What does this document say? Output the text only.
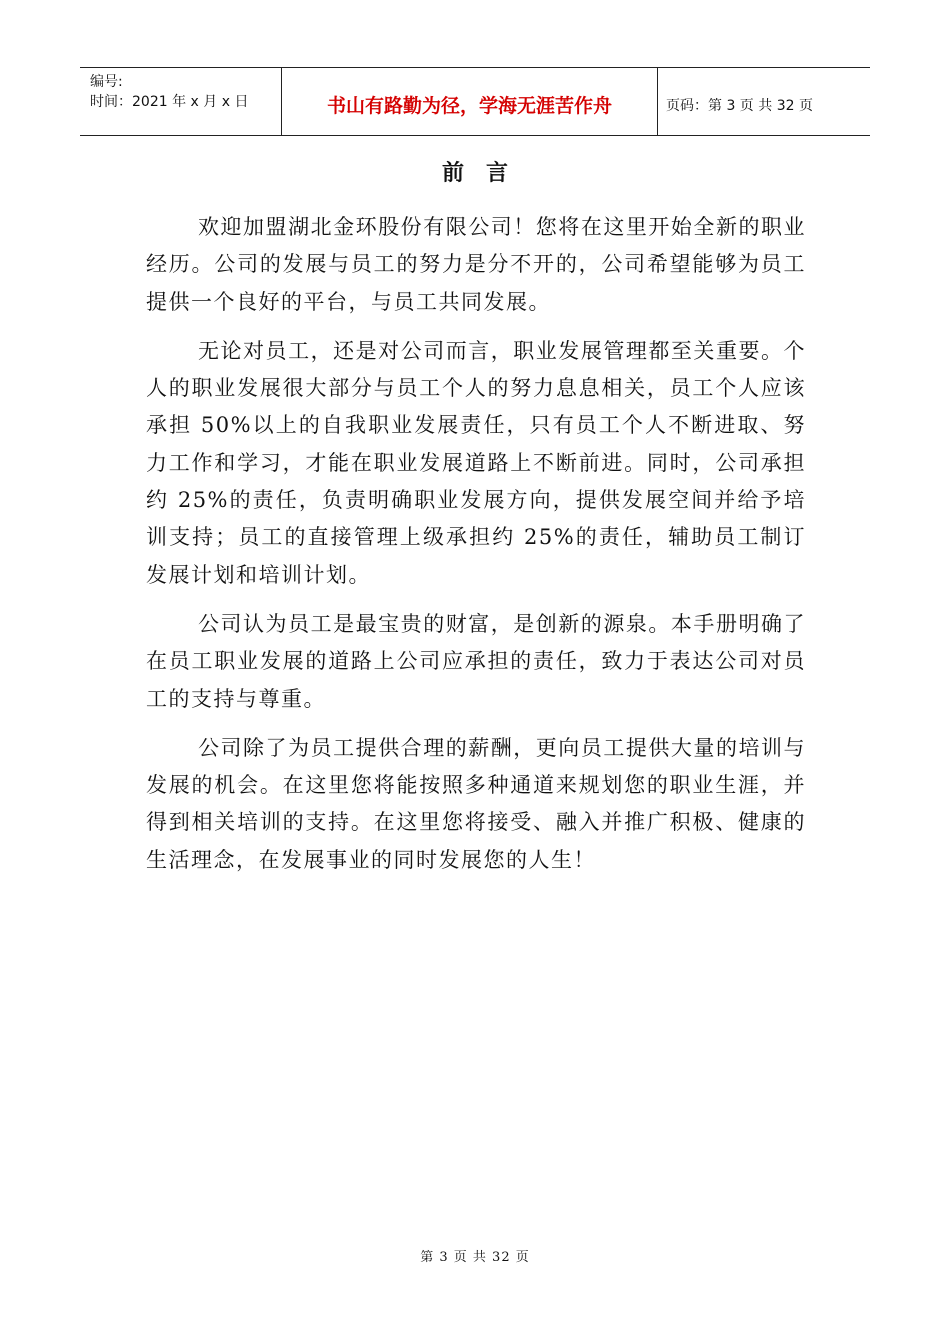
编号:
时间：2021 年 x 月 x 日	书山有路勤为径，学海无涯苦作舟	页码：第 3 页 共 32 页
前言

欢迎加盟湖北金环股份有限公司！您将在这里开始全新的职业经历。公司的发展与员工的努力是分不开的，公司希望能够为员工提供一个良好的平台，与员工共同发展。

无论对员工，还是对公司而言，职业发展管理都至关重要。个人的职业发展很大部分与员工个人的努力息息相关，员工个人应该承担 50%以上的自我职业发展责任，只有员工个人不断进取、努力工作和学习，才能在职业发展道路上不断前进。同时，公司承担约 25%的责任，负责明确职业发展方向，提供发展空间并给予培训支持；员工的直接管理上级承担约 25%的责任，辅助员工制订发展计划和培训计划。

公司认为员工是最宝贵的财富，是创新的源泉。本手册明确了在员工职业发展的道路上公司应承担的责任，致力于表达公司对员工的支持与尊重。

公司除了为员工提供合理的薪酬，更向员工提供大量的培训与发展的机会。在这里您将能按照多种通道来规划您的职业生涯，并得到相关培训的支持。在这里您将接受、融入并推广积极、健康的生活理念，在发展事业的同时发展您的人生！

第 3 页 共 32 页
